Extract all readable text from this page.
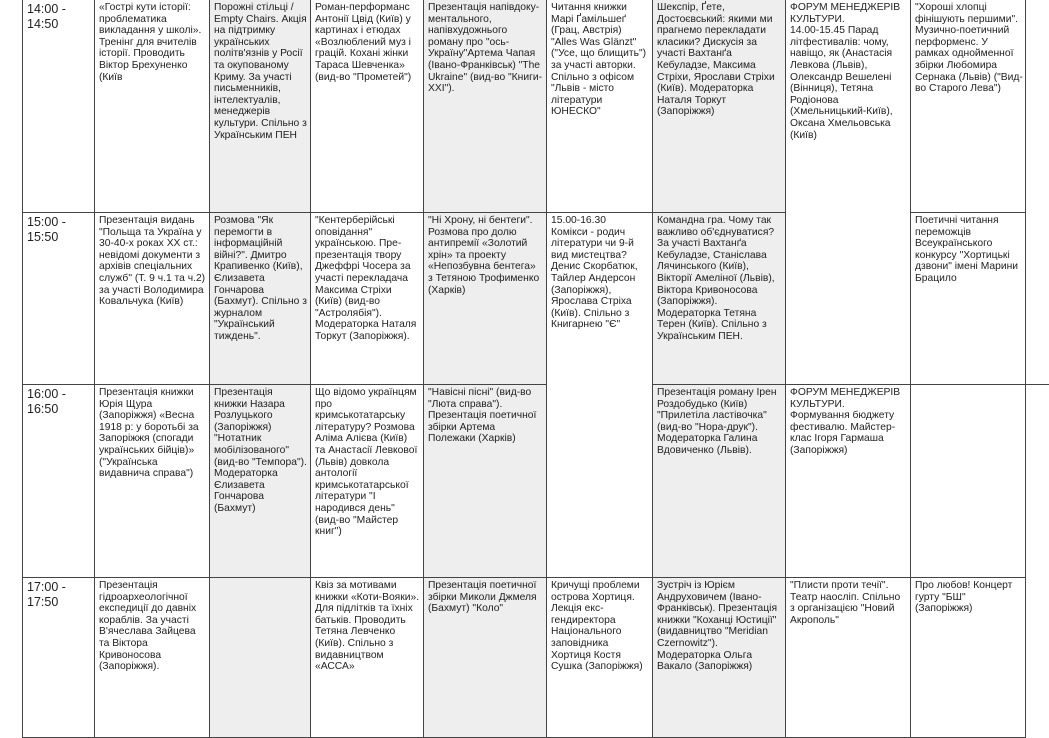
14:00 -
14:50
«Гострі кути історії: проблематика викладання у школі». Тренінг для вчителів історії. Проводить Віктор Брехуненко (Київ
Порожні стільці / Empty Chairs. Акція на підтримку українських політв'язнів у Росії та окупованому Криму. За участі письменників, інтелектуалів, менеджерів культури. Спільно з Українським ПЕН
Роман-перформанс Антонії Цвід (Київ) у картинах і етюдах «Возлюблений муз і грацій. Кохані жінки Тараса Шевченка» (вид-во "Прометей")
Презентація напівдоку-ментального, напівхудожнього роману про "ось-Україну"Артема Чапая (Івано-Франківськ) "The Ukraine" (вид-во "Книги-ХХІ").
Читання книжки Марі Ґамільшеґ (Грац, Австрія) "Alles Was Glänzt" ("Усе, що блищить") за участі авторки. Спільно з офісом "Львів - місто літератури ЮНЕСКО"
Шекспір, Ґете, Достоєвський: якими ми прагнемо перекладати класики? Дискусія за участі Вахтанґа Кебуладзе, Максима Стріхи, Ярослави Стріхи (Київ). Модераторка Наталя Торкут (Запоріжжя)
ФОРУМ МЕНЕДЖЕРІВ КУЛЬТУРИ.
14.00-15.45 Парад літфестивалів: чому, навіщо, як (Анастасія Левкова (Львів), Олександр Вешелені (Вінниця), Тетяна Родіонова (Хмельницький-Київ), Оксана Хмельовська (Київ)
"Хороші хлопці фінішують першими". Музично-поетичний перформенс. У рамках однойменної збірки Любомира Сернака (Львів) ("Вид-во Старого Лева")
15:00 -
15:50
Презентація видань "Польща та Україна у 30-40-х роках ХХ ст.: невідомі документи з архівів спеціальних служб" (Т. 9 ч.1 та ч.2) за участі Володимира Ковальчука (Київ)
Розмова "Як перемогти в інформаційній війні?". Дмитро Крапивенко (Київ), Єлизавета Гончарова (Бахмут). Спільно з журналом "Український тиждень".
"Кентерберійські оповідання" українською. Пре-презентація твору Джеффрі Чосера за участі перекладача Максима Стріхи (Київ) (вид-во "Астролябія"). Модераторка Наталя Торкут (Запоріжжя).
"Ні Хрону, ні бентеги". Розмова про долю антипремії «Золотий хрін» та проекту «Непозбувна бентега» з Тетяною Трофименко (Харків)
15.00-16.30
Комікси - родич літератури чи 9-й вид мистецтва? Денис Скорбатюк, Тайлер Андерсон (Запоріжжя), Ярослава Стріха (Київ). Спільно з Книгарнею "Є"
Командна гра. Чому так важливо об'єднуватися? За участі Вахтанґа Кебуладзе, Станіслава Лячинського (Київ), Вікторії Амеліної (Львів), Віктора Кривоносова (Запоріжжя). Модераторка Тетяна Терен (Київ). Спільно з Українським ПЕН.
Поетичні читання переможців Всеукраїнського конкурсу "Хортицькі дзвони" імені Марини Брацило
16:00 -
16:50
Презентація книжки Юрія Щура (Запоріжжя) «Весна 1918 р: у боротьбі за Запоріжжя (спогади українських бійців)» ("Українська видавнича справа")
Презентація книжки Назара Розлуцького (Запоріжжя) "Нотатник мобілізованого" (вид-во "Темпора"). Модераторка Єлизавета Гончарова (Бахмут)
Що відомо українцям про кримськотатарську літературу? Розмова Аліма Алієва (Київ) та Анастасії Левкової (Львів) довкола антології кримськотатарської літератури "І народився день" (вид-во "Майстер книг")
"Навісні пісні" (вид-во "Люта справа"). Презентація поетичної збірки Артема Полежаки (Харків)
Презентація роману Ірен Роздобудько (Київ) "Прилетіла ластівочка" (вид-во "Нора-друк"). Модераторка Галина Вдовиченко (Львів).
ФОРУМ МЕНЕДЖЕРІВ КУЛЬТУРИ. Формування бюджету фестивалю. Майстер-клас Ігоря Гармаша (Запоріжжя)
17:00 -
17:50
Презентація гідроархеологічної експедиції до давніх кораблів. За участі В'ячеслава Зайцева та Віктора Кривоносова (Запоріжжя).
Квіз за мотивами книжки «Коти-Вояки». Для підлітків та їхніх батьків. Проводить Тетяна Левченко (Київ). Спільно з видавництвом «АССА»
Презентація поетичної збірки Миколи Джмеля (Бахмут) "Коло"
Кричущі проблеми острова Хортиця. Лекція екс-гендиректора Національного заповідника Хортиця Костя Сушка (Запоріжжя)
Зустріч із Юрієм Андруховичем (Івано-Франківськ). Презентація книжки "Коханці Юстиції" (видавництво "Meridian Czernowitz"). Модераторка Ольга Вакало (Запоріжжя)
"Плисти проти течії". Театр наосліп. Спільно з організацією "Новий Акрополь"
Про любов! Концерт гурту "БШ" (Запоріжжя)
